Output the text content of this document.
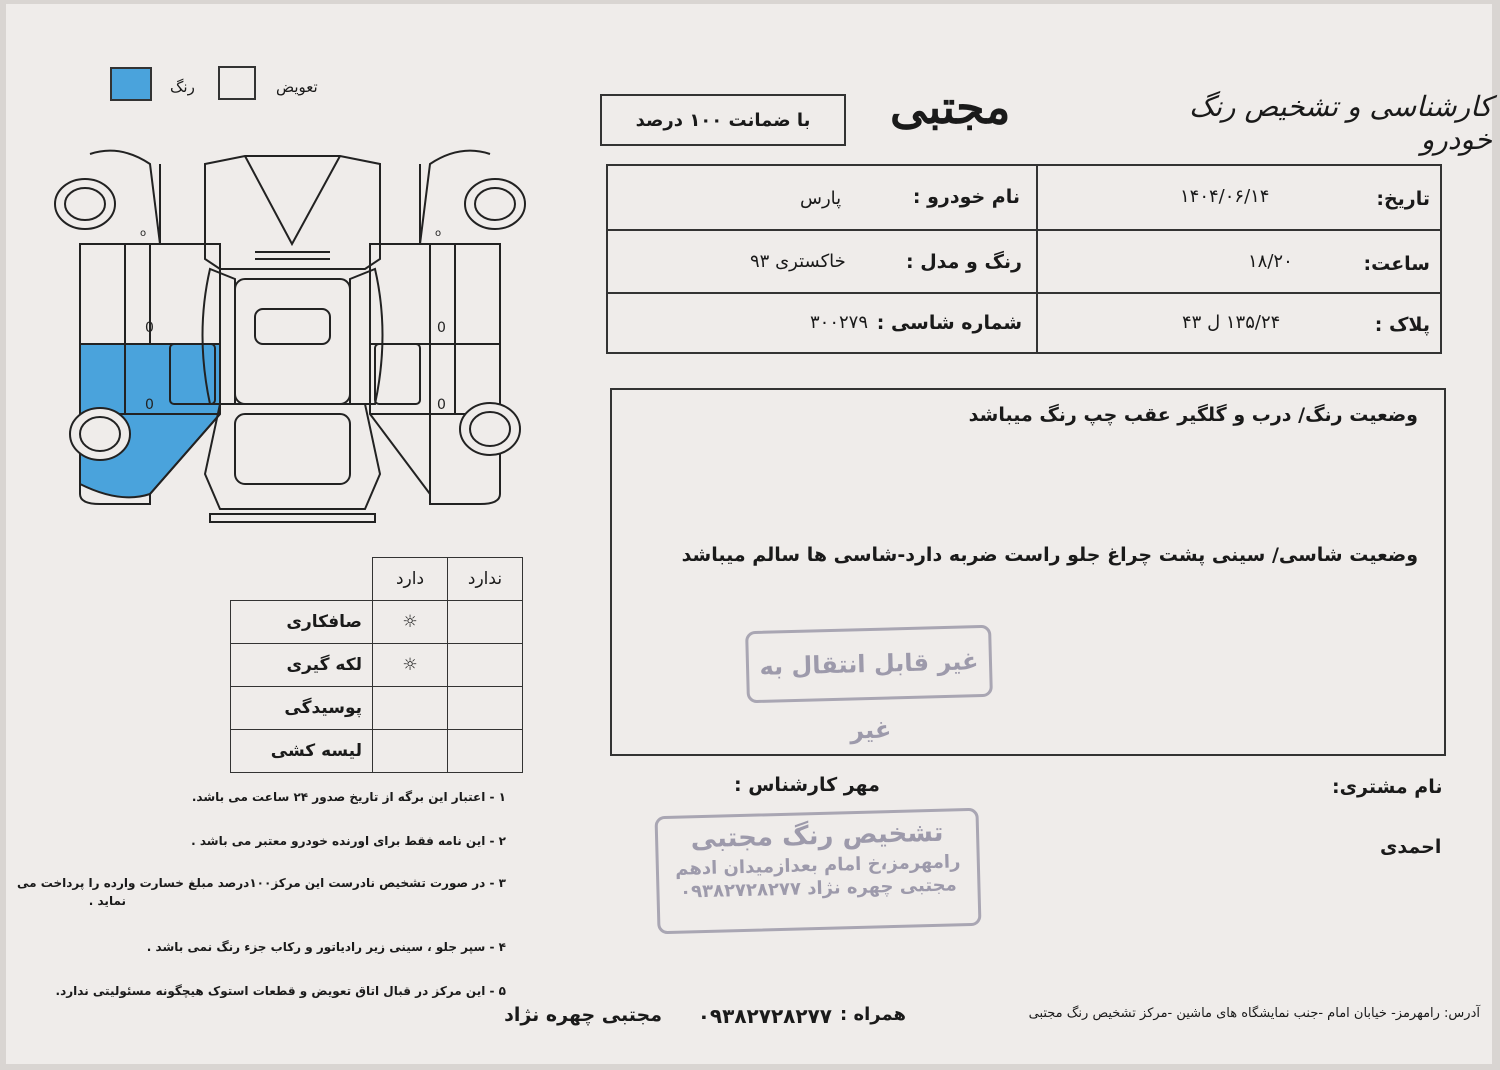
رنگ	تعویض
0
0
o
0
0
o
مجتبی	کارشناسی و تشخیص رنگ خودرو
با ضمانت ۱۰۰ درصد
تاریخ:
۱۴۰۴/۰۶/۱۴
نام خودرو :
پارس
ساعت:
۱۸/۲۰
رنگ و مدل :
خاکستری ۹۳
پلاک :
۱۳۵/۲۴ ل ۴۳
شماره شاسی :
۳۰۰۲۷۹
وضعیت رنگ/ درب و گلگیر عقب چپ رنگ میباشد
وضعیت شاسی/ سینی پشت چراغ جلو راست ضربه دارد-شاسی ها سالم میباشد
غیر قابل انتقال به غیر
نام مشتری:
احمدی
مهر کارشناس :
تشخیص رنگ مجتبی
رامهرمز،خ امام بعدازمیدان ادهم
مجتبی چهره نژاد ۰۹۳۸۲۷۲۸۲۷۷
	دارد	ندارد
صافکاری	☼	
لکه گیری	☼	
پوسیدگی		
لیسه کشی		
۱ - اعتبار این برگه از تاریخ صدور ۲۴ ساعت می باشد.
۲ - این نامه فقط برای اورنده خودرو معتبر می باشد .
۳ - در صورت تشخیص نادرست این مرکز۱۰۰درصد مبلغ خسارت وارده را پرداخت می
نماید .
۴ - سپر جلو ، سینی زیر رادیاتور و رکاب جزء رنگ نمی باشد .
۵ - این مرکز در قبال اتاق تعویض و قطعات استوک هیچگونه مسئولیتی ندارد.
آدرس: رامهرمز- خیابان امام -جنب نمایشگاه های ماشین -مرکز تشخیص رنگ مجتبی
همراه :
۰۹۳۸۲۷۲۸۲۷۷
مجتبی چهره نژاد
